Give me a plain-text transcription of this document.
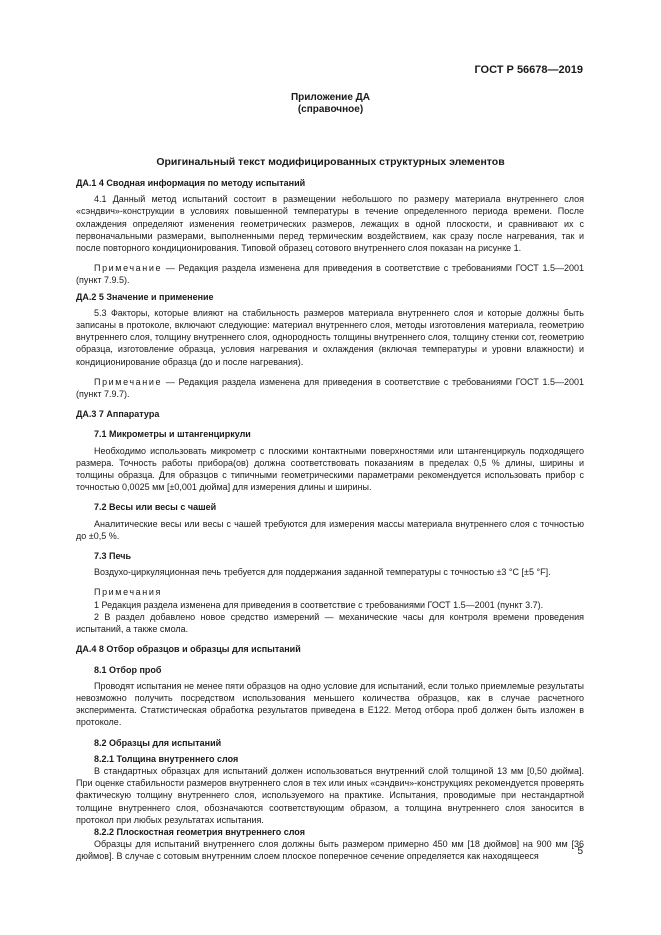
ГОСТ Р 56678—2019
Приложение ДА
(справочное)
Оригинальный текст модифицированных структурных элементов

ДА.1 4 Сводная информация по методу испытаний

4.1 Данный метод испытаний состоит в размещении небольшого по размеру материала внутреннего слоя «сэндвич»-конструкции в условиях повышенной температуры в течение определенного периода времени. После охлаждения определяют изменения геометрических размеров, лежащих в одной плоскости, и сравнивают их с первоначальными размерами, выполненными перед термическим воздействием, как сразу после нагревания, так и после повторного кондиционирования. Типовой образец сотового внутреннего слоя показан на рисунке 1.

Примечание — Редакция раздела изменена для приведения в соответствие с требованиями ГОСТ 1.5—2001 (пункт 7.9.5).

ДА.2 5 Значение и применение

5.3 Факторы, которые влияют на стабильность размеров материала внутреннего слоя и которые должны быть записаны в протоколе, включают следующие: материал внутреннего слоя, методы изготовления материала, геометрию внутреннего слоя, толщину внутреннего слоя, однородность толщины внутреннего слоя, толщину стенки сот, геометрию образца, изготовление образца, условия нагревания и охлаждения (включая температуры и уровни влажности) и кондиционирование образца (до и после нагревания).

Примечание — Редакция раздела изменена для приведения в соответствие с требованиями ГОСТ 1.5—2001 (пункт 7.9.7).

ДА.3 7 Аппаратура

7.1 Микрометры и штангенциркули

Необходимо использовать микрометр с плоскими контактными поверхностями или штангенциркуль подходящего размера. Точность работы прибора(ов) должна соответствовать показаниям в пределах 0,5 % длины, ширины и толщины образца. Для образцов с типичными геометрическими параметрами рекомендуется использовать прибор с точностью 0,0025 мм [±0,001 дюйма] для измерения длины и ширины.

7.2 Весы или весы с чашей

Аналитические весы или весы с чашей требуются для измерения массы материала внутреннего слоя с точностью до ±0,5 %.

7.3 Печь

Воздухо-циркуляционная печь требуется для поддержания заданной температуры с точностью ±3 °C [±5 °F].

Примечания

1 Редакция раздела изменена для приведения в соответствие с требованиями ГОСТ 1.5—2001 (пункт 3.7).

2 В раздел добавлено новое средство измерений — механические часы для контроля времени проведения испытаний, а также смола.

ДА.4 8 Отбор образцов и образцы для испытаний

8.1 Отбор проб

Проводят испытания не менее пяти образцов на одно условие для испытаний, если только приемлемые результаты невозможно получить посредством использования меньшего количества образцов, как в случае расчетного эксперимента. Статистическая обработка результатов приведена в E122. Метод отбора проб должен быть изложен в протоколе.

8.2 Образцы для испытаний

8.2.1 Толщина внутреннего слоя

В стандартных образцах для испытаний должен использоваться внутренний слой толщиной 13 мм [0,50 дюйма]. При оценке стабильности размеров внутреннего слоя в тех или иных «сэндвич»-конструкциях рекомендуется проверять фактическую толщину внутреннего слоя, используемого на практике. Испытания, проводимые при нестандартной толщине внутреннего слоя, обозначаются соответствующим образом, а толщина внутреннего слоя заносится в протокол при любых результатах испытания.

8.2.2 Плоскостная геометрия внутреннего слоя

Образцы для испытаний внутреннего слоя должны быть размером примерно 450 мм [18 дюймов] на 900 мм [36 дюймов]. В случае с сотовым внутренним слоем плоское поперечное сечение определяется как находящееся	5
